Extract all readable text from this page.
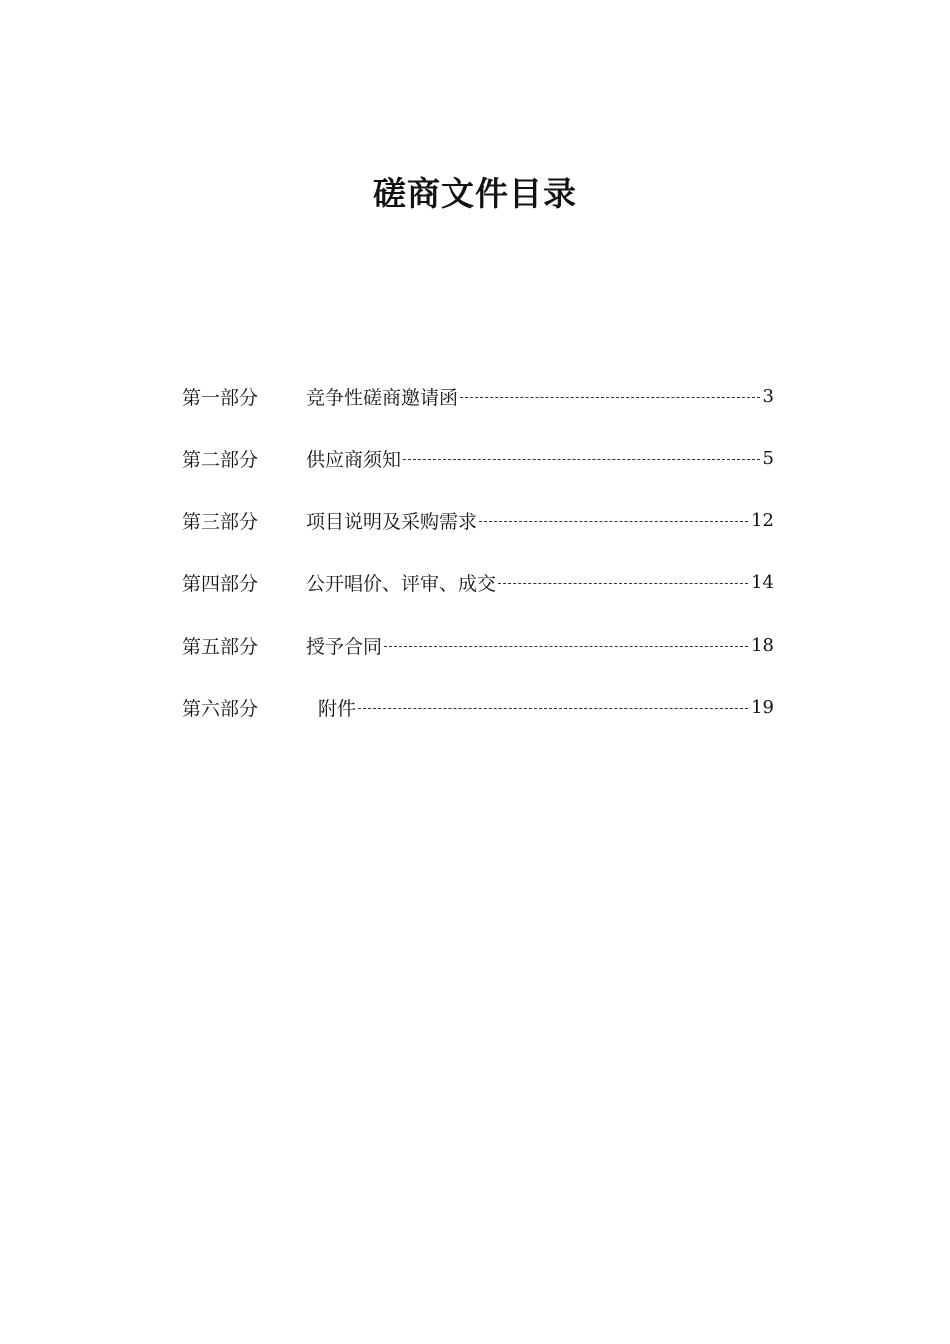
磋商文件目录
第一部分	竞争性磋商邀请函	3
第二部分	供应商须知	5
第三部分	项目说明及采购需求	12
第四部分	公开唱价、评审、成交	14
第五部分	授予合同	18
第六部分	附件	19
